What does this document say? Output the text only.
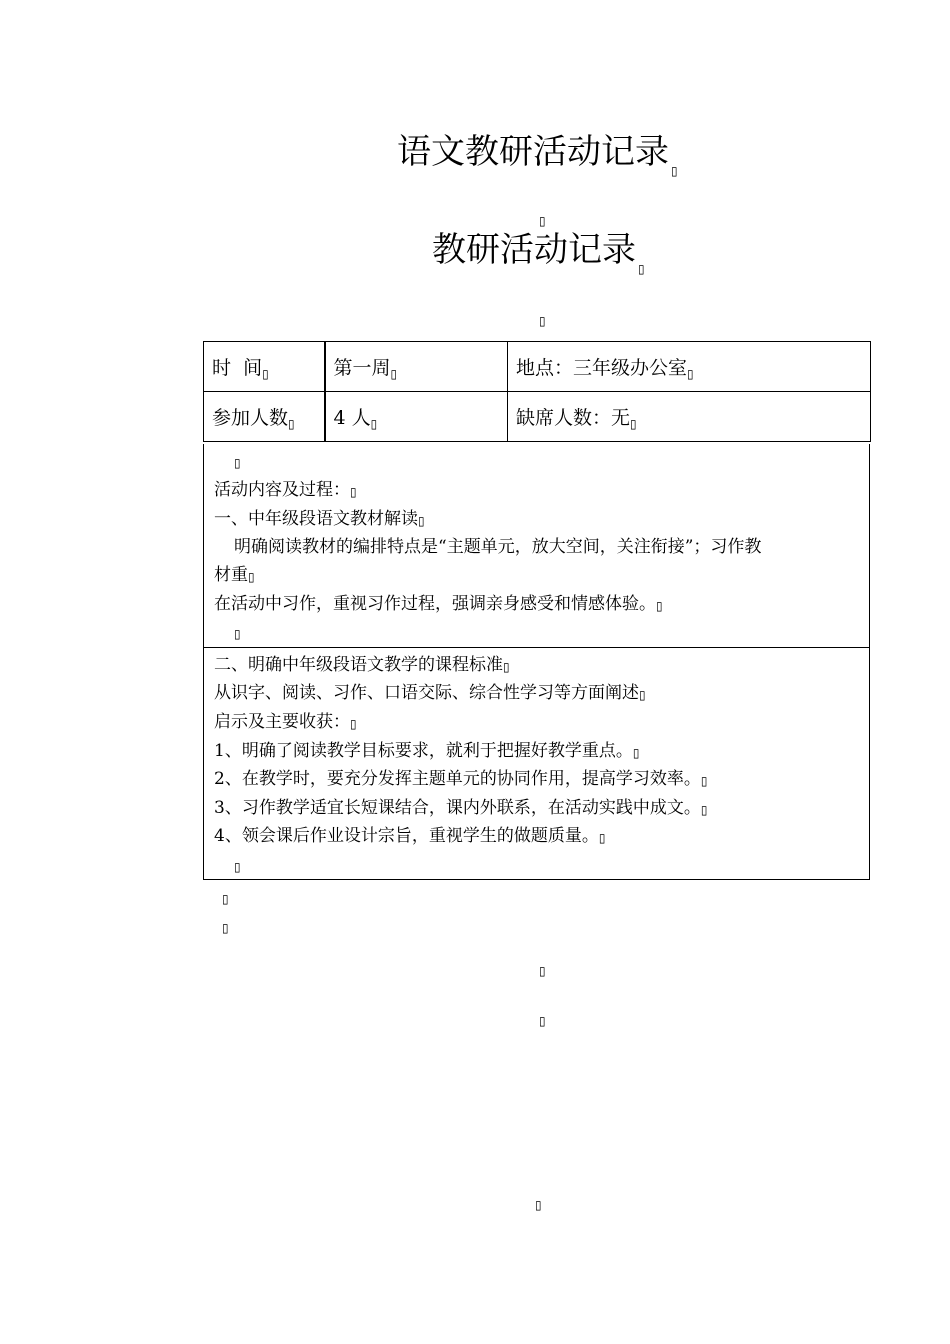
语文教研活动记录 $_▯$
▯
教研活动记录 $_▯$
▯
时  间$_▯$	第一周$_▯$	地点：三年级办公室$_▯$
参加人数$_▯$	4 人$_▯$	缺席人数：无$_▯$
▯
活动内容及过程：▯
一、中年级段语文教材解读▯
明确阅读教材的编排特点是“主题单元，放大空间，关注衔接”；习作教
材重▯
在活动中习作，重视习作过程，强调亲身感受和情感体验。▯
▯
二、明确中年级段语文教学的课程标准▯
从识字、阅读、习作、口语交际、综合性学习等方面阐述▯
启示及主要收获：▯
1、明确了阅读教学目标要求，就利于把握好教学重点。▯
2、在教学时，要充分发挥主题单元的协同作用，提高学习效率。▯
3、习作教学适宜长短课结合，课内外联系，在活动实践中成文。▯
4、领会课后作业设计宗旨，重视学生的做题质量。▯
▯
▯
▯
▯
▯
▯
